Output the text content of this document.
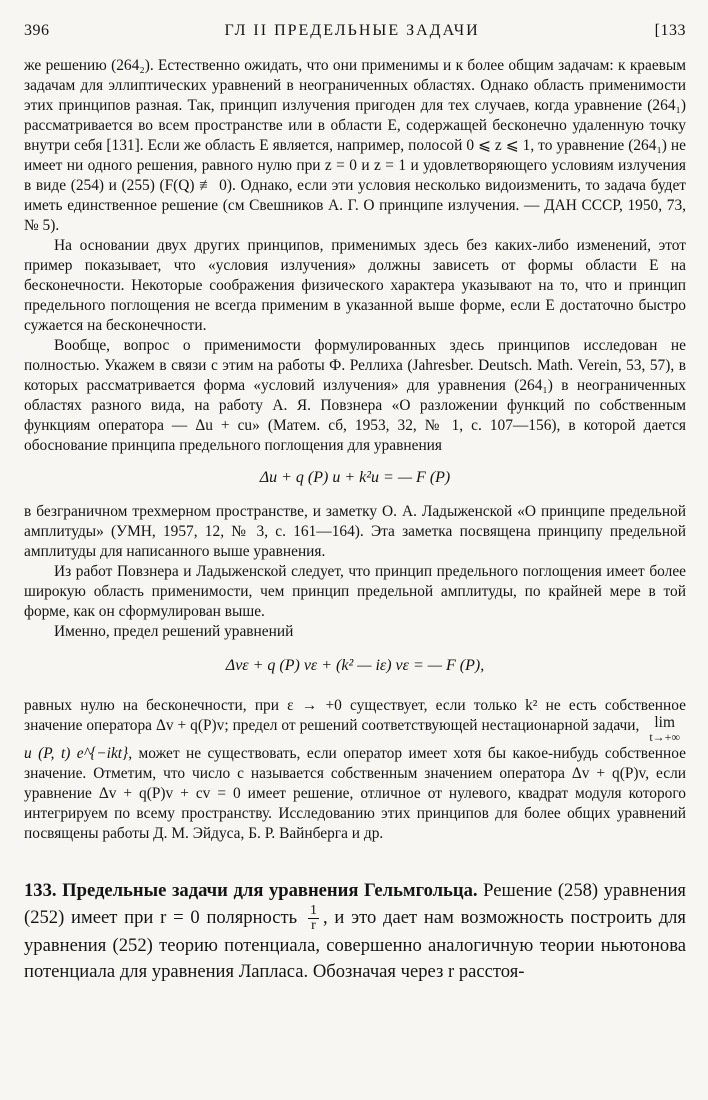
396	ГЛ II ПРЕДЕЛЬНЫЕ ЗАДАЧИ	[133

же решению (264₂). Естественно ожидать, что они применимы и к более общим задачам: к краевым задачам для эллиптических уравнений в неограниченных областях. Однако область применимости этих принципов разная. Так, принцип излучения пригоден для тех случаев, когда уравнение (264₁) рассматривается во всем пространстве или в области E, содержащей бесконечно удаленную точку внутри себя [131]. Если же область E является, например, полосой 0 ⩽ z ⩽ 1, то уравнение (264₁) не имеет ни одного решения, равного нулю при z = 0 и z = 1 и удовлетворяющего условиям излучения в виде (254) и (255) (F(Q) ≢ 0). Однако, если эти условия несколько видоизменить, то задача будет иметь единственное решение (см Свешников А. Г. О принципе излучения. — ДАН СССР, 1950, 73, № 5).

На основании двух других принципов, применимых здесь без каких-либо изменений, этот пример показывает, что «условия излучения» должны зависеть от формы области E на бесконечности. Некоторые соображения физического характера указывают на то, что и принцип предельного поглощения не всегда применим в указанной выше форме, если E достаточно быстро сужается на бесконечности.

Вообще, вопрос о применимости формулированных здесь принципов исследован не полностью. Укажем в связи с этим на работы Ф. Реллиха (Jahresber. Deutsch. Math. Verein, 53, 57), в которых рассматривается форма «условий излучения» для уравнения (264₁) в неограниченных областях разного вида, на работу А. Я. Повзнера «О разложении функций по собственным функциям оператора — Δu + cu» (Матем. сб, 1953, 32, № 1, с. 107—156), в которой дается обоснование принципа предельного поглощения для уравнения

Δu + q (P) u + k²u = — F (P)

в безграничном трехмерном пространстве, и заметку О. А. Ладыженской «О принципе предельной амплитуды» (УМН, 1957, 12, № 3, с. 161—164). Эта заметка посвящена принципу предельной амплитуды для написанного выше уравнения.

Из работ Повзнера и Ладыженской следует, что принцип предельного поглощения имеет более широкую область применимости, чем принцип предельной амплитуды, по крайней мере в той форме, как он сформулирован выше.

Именно, предел решений уравнений

Δvε + q (P) vε + (k² — iε) vε = — F (P),

равных нулю на бесконечности, при ε → +0 существует, если только k² не есть собственное значение оператора Δv + q(P)v; предел от решений соответствующей нестационарной задачи, lim
t→+∞
u (P, t) e^{−ikt}, может не существовать, если оператор имеет хотя бы какое-нибудь собственное значение. Отметим, что число c называется собственным значением оператора Δv + q(P)v, если уравнение Δv + q(P)v + cv = 0 имеет решение, отличное от нулевого, квадрат модуля которого интегрируем по всему пространству. Исследованию этих принципов для более общих уравнений посвящены работы Д. М. Эйдуса, Б. Р. Вайнберга и др.

133. Предельные задачи для уравнения Гельмгольца. Решение (258) уравнения (252) имеет при r = 0 полярность $\frac{1}{r}$ , и это дает нам возможность построить для уравнения (252) теорию потенциала, совершенно аналогичную теории ньютонова потенциала для уравнения Лапласа. Обозначая через r расстоя-
